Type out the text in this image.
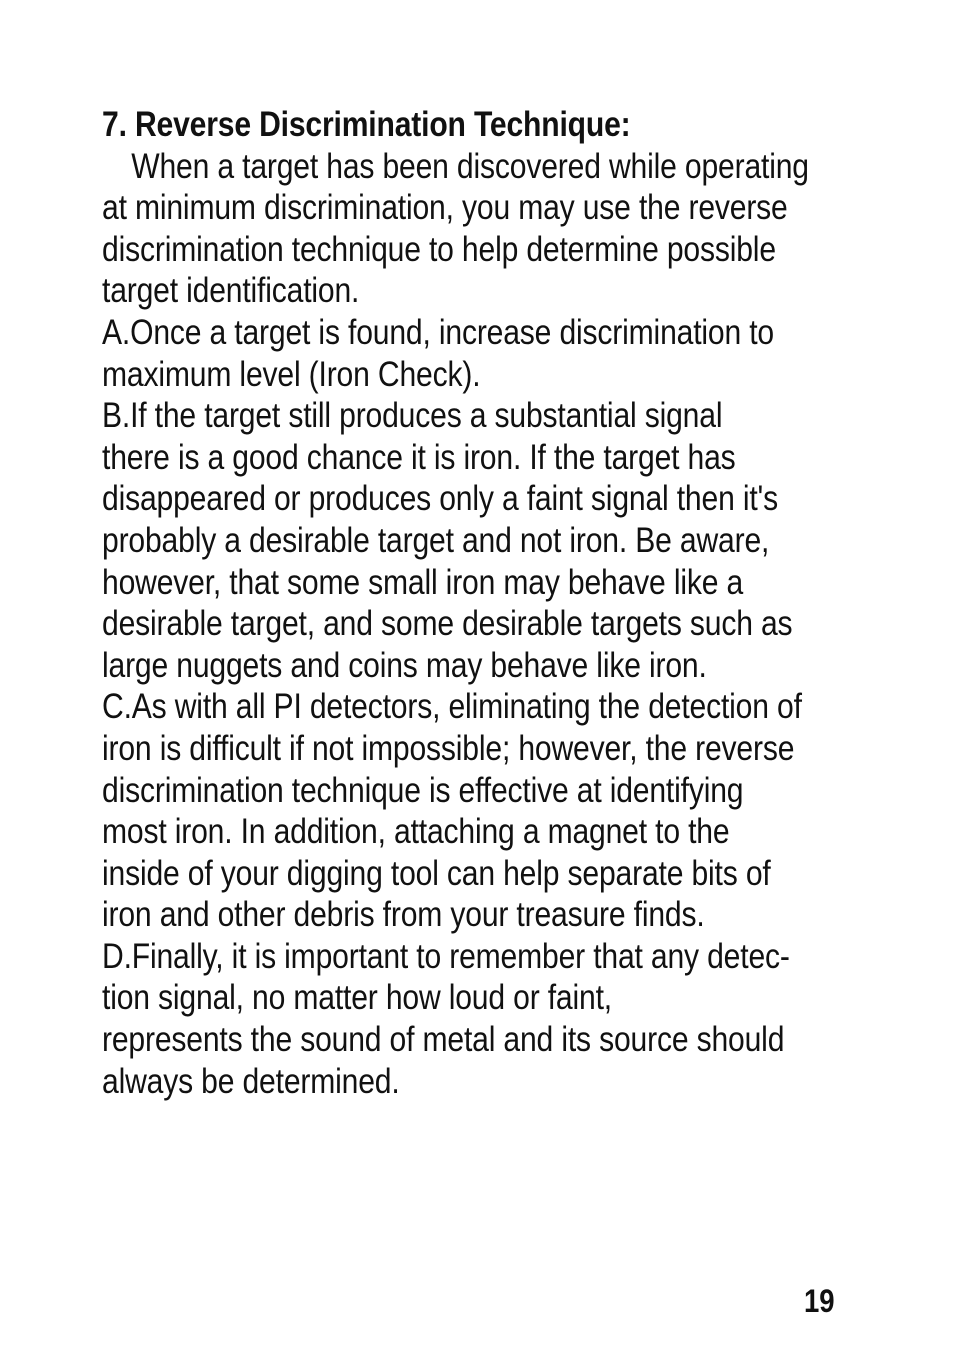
7. Reverse Discrimination Technique:
When a target has been discovered while operating
at minimum discrimination, you may use the reverse
discrimination technique to help determine possible
target identification.
A.Once a target is found, increase discrimination to
maximum level (Iron Check).
B.If the target still produces a substantial signal
there is a good chance it is iron. If the target has
disappeared or produces only a faint signal then it's
probably a desirable target and not iron. Be aware,
however, that some small iron may behave like a
desirable target, and some desirable targets such as
large nuggets and coins may behave like iron.
C.As with all PI detectors, eliminating the detection of
iron is difficult if not impossible; however, the reverse
discrimination technique is effective at identifying
most iron. In addition, attaching a magnet to the
inside of your digging tool can help separate bits of
iron and other debris from your treasure finds.
D.Finally, it is important to remember that any detec-
tion signal, no matter how loud or faint,
represents the sound of metal and its source should
always be determined.
19
